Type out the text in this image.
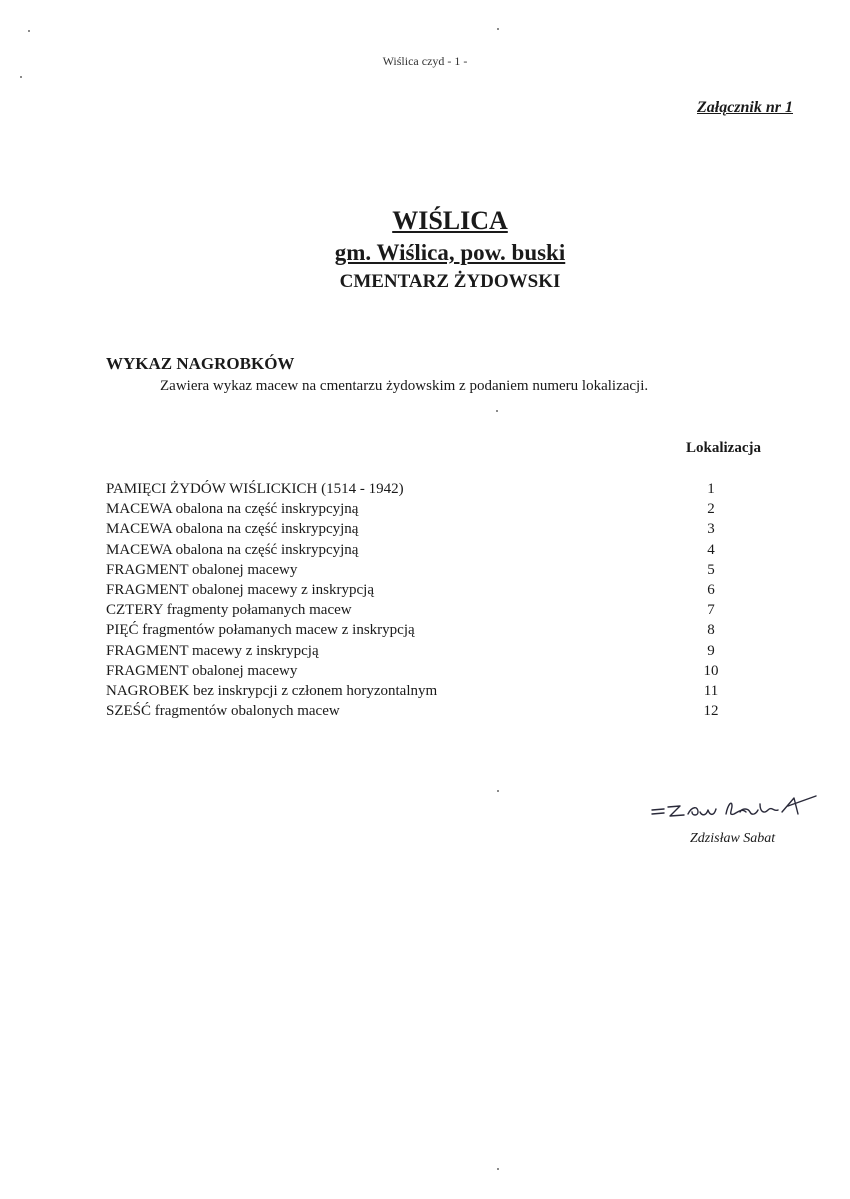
Wiślica czyd - 1 -
Załącznik nr 1
WIŚLICA
gm. Wiślica, pow. buski
CMENTARZ ŻYDOWSKI
WYKAZ NAGROBKÓW
Zawiera wykaz macew na cmentarzu żydowskim z podaniem numeru lokalizacji.
Lokalizacja
PAMIĘCI ŻYDÓW WIŚLICKICH (1514 - 1942)	1
MACEWA obalona na część inskrypcyjną	2
MACEWA obalona na część inskrypcyjną	3
MACEWA obalona na część inskrypcyjną	4
FRAGMENT obalonej macewy	5
FRAGMENT obalonej macewy z inskrypcją	6
CZTERY fragmenty połamanych macew	7
PIĘĆ fragmentów połamanych macew z inskrypcją	8
FRAGMENT macewy z inskrypcją	9
FRAGMENT obalonej macewy	10
NAGROBEK bez inskrypcji z członem horyzontalnym	11
SZEŚĆ fragmentów obalonych macew	12
Zdzisław Sabat
